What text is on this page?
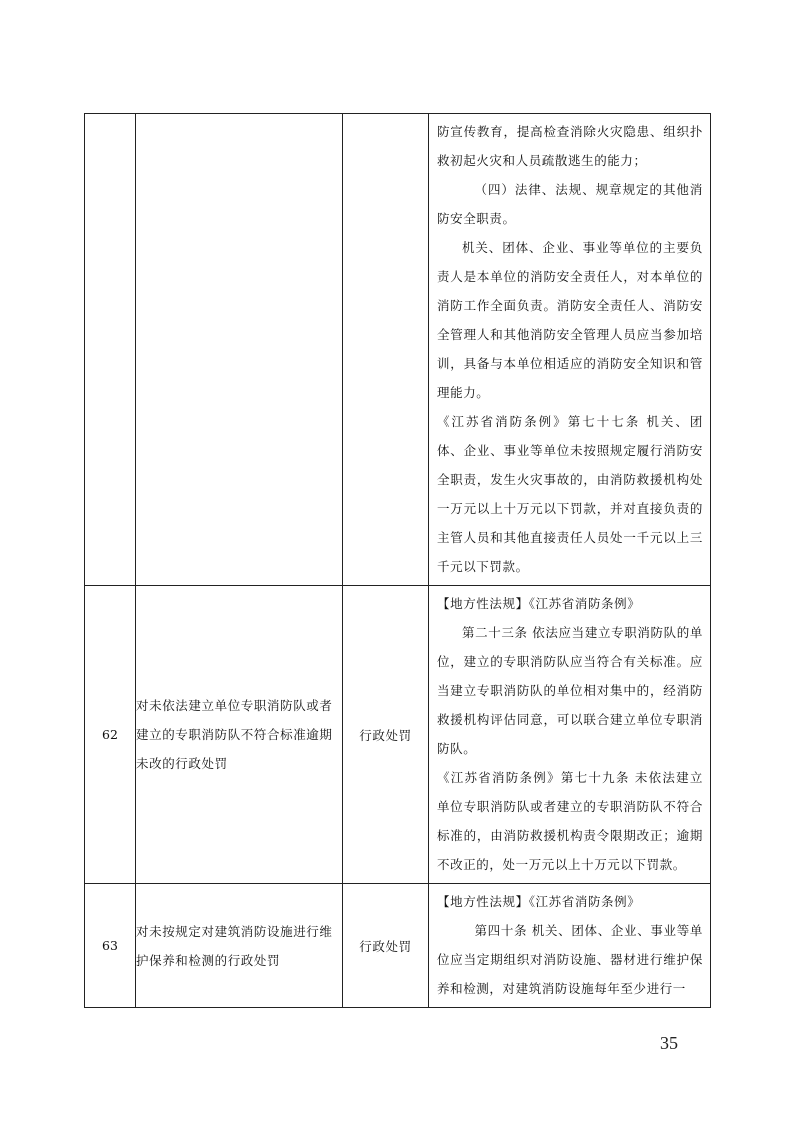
			防宣传教育，提高检查消除火灾隐患、组织扑救初起火灾和人员疏散逃生的能力；

（四）法律、法规、规章规定的其他消防安全职责。

机关、团体、企业、事业等单位的主要负责人是本单位的消防安全责任人，对本单位的消防工作全面负责。消防安全责任人、消防安全管理人和其他消防安全管理人员应当参加培训，具备与本单位相适应的消防安全知识和管理能力。

《江苏省消防条例》第七十七条 机关、团体、企业、事业等单位未按照规定履行消防安全职责，发生火灾事故的，由消防救援机构处一万元以上十万元以下罚款，并对直接负责的主管人员和其他直接责任人员处一千元以上三千元以下罚款。

62	对未依法建立单位专职消防队或者建立的专职消防队不符合标准逾期未改的行政处罚	行政处罚	【地方性法规】《江苏省消防条例》

第二十三条 依法应当建立专职消防队的单位，建立的专职消防队应当符合有关标准。应当建立专职消防队的单位相对集中的，经消防救援机构评估同意，可以联合建立单位专职消防队。

《江苏省消防条例》第七十九条 未依法建立单位专职消防队或者建立的专职消防队不符合标准的，由消防救援机构责令限期改正；逾期不改正的，处一万元以上十万元以下罚款。

63	对未按规定对建筑消防设施进行维护保养和检测的行政处罚	行政处罚	【地方性法规】《江苏省消防条例》

第四十条 机关、团体、企业、事业等单位应当定期组织对消防设施、器材进行维护保养和检测，对建筑消防设施每年至少进行一

35
